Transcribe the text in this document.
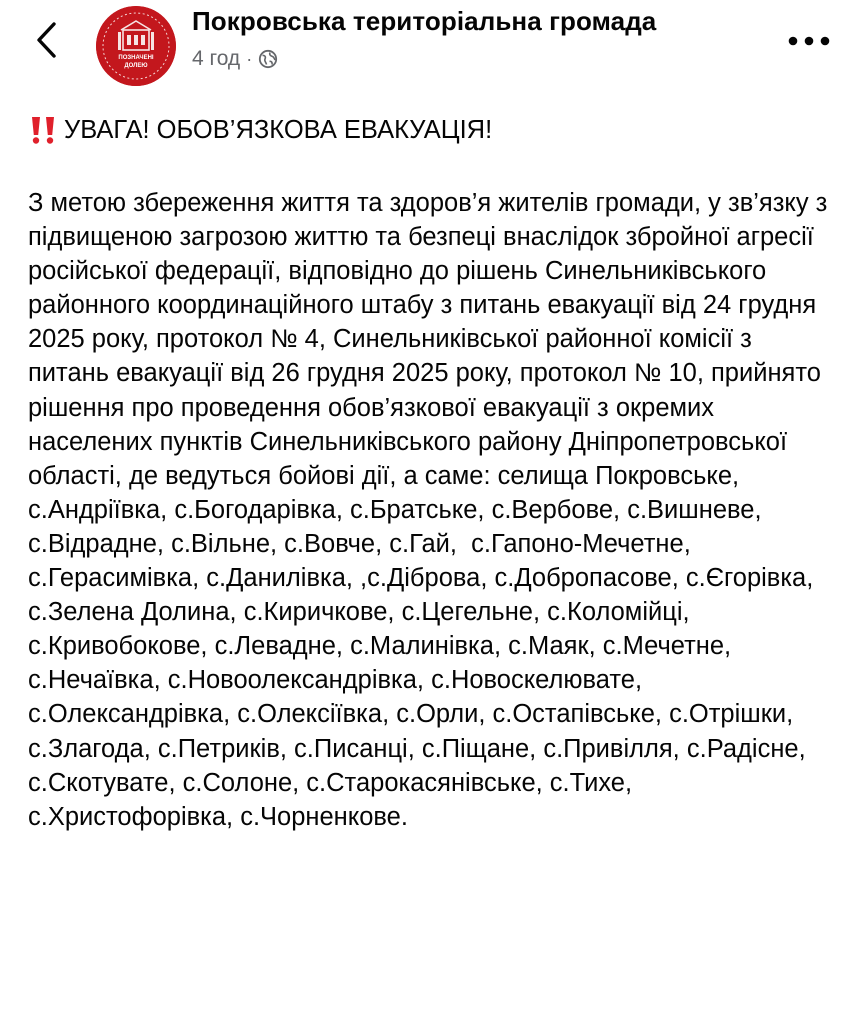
ПОЗНАЧЕНІ
ДОЛЕЮ
Покровська територіальна громада
4 год ·
УВАГА! ОБОВ’ЯЗКОВА ЕВАКУАЦІЯ!
З метою збереження життя та здоров’я жителів громади, у зв’язку з підвищеною загрозою життю та безпеці внаслідок збройної агресії російської федерації, відповідно до рішень Синельниківського районного координаційного штабу з питань евакуації від 24 грудня 2025 року, протокол № 4, Синельниківської районної комісії з питань евакуації від 26 грудня 2025 року, протокол № 10, прийнято рішення про проведення обов’язкової евакуації з окремих населених пунктів Синельниківського району Дніпропетровської області, де ведуться бойові дії, а саме: селища Покровське, с.Андріївка, с.Богодарівка, с.Братське, с.Вербове, с.Вишневе, с.Відрадне, с.Вільне, с.Вовче, с.Гай,  с.Гапоно-Мечетне, с.Герасимівка, с.Данилівка, ,с.Діброва, с.Добропасове, с.Єгорівка, с.Зелена Долина, с.Киричкове, с.Цегельне, с.Коломійці, с.Кривобокове, с.Левадне, с.Малинівка, с.Маяк, с.Мечетне, с.Нечаївка, с.Новоолександрівка, с.Новоскелювате, с.Олександрівка, с.Олексіївка, с.Орли, с.Остапівське, с.Отрішки, с.Злагода, с.Петриків, с.Писанці, с.Піщане, с.Привілля, с.Радісне, с.Скотувате, с.Солоне, с.Старокасянівське, с.Тихе, с.Христофорівка, с.Чорненкове.
